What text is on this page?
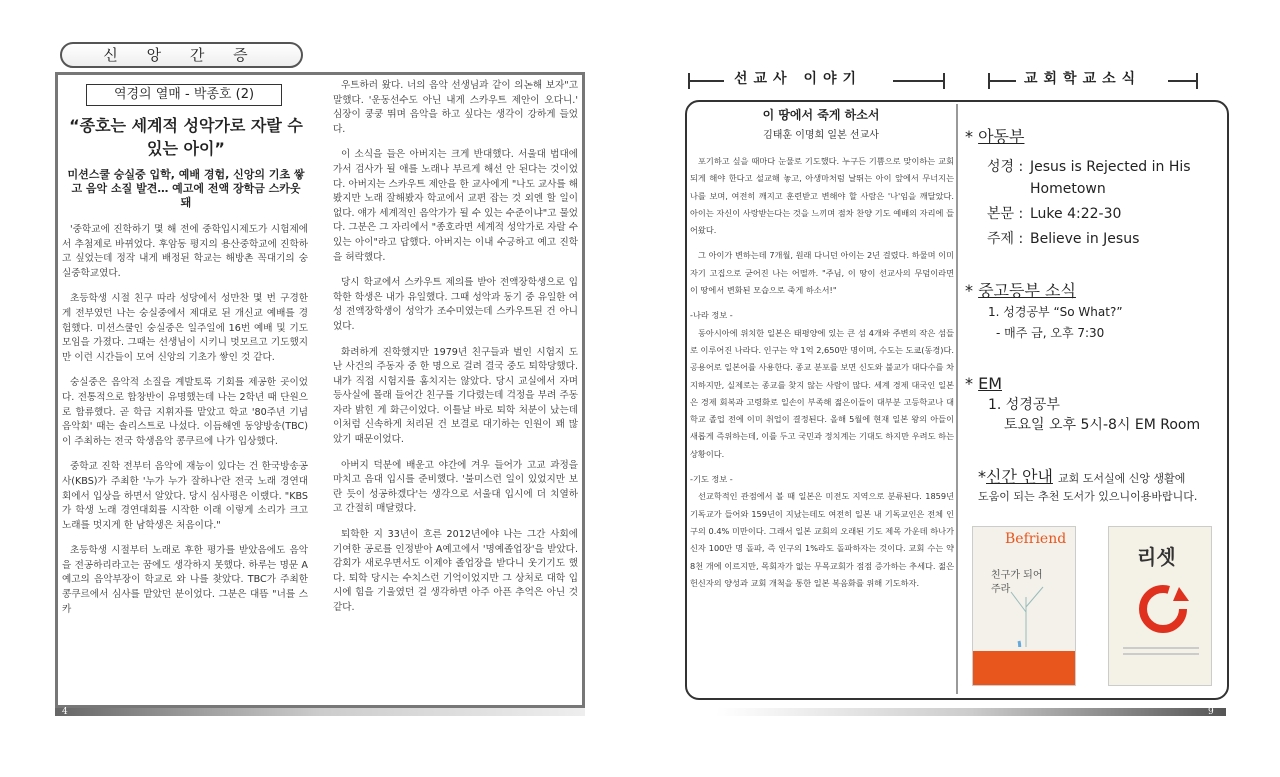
신 앙 간 증
역경의 열매 - 박종호 (2)
“종호는 세계적 성악가로 자랄 수 있는 아이”
미션스쿨 숭실중 입학, 예배 경험, 신앙의 기초 쌓고 음악 소질 발견… 예고에 전액 장학금 스카웃 돼

'중학교에 진학하기 몇 해 전에 중학입시제도가 시험제에서 추첨제로 바뀌었다. 후암동 평지의 용산중학교에 진학하고 싶었는데 정작 내게 배정된 학교는 해방촌 꼭대기의 숭실중학교였다.

초등학생 시절 친구 따라 성당에서 성만찬 몇 번 구경한 게 전부였던 나는 숭실중에서 제대로 된 개신교 예배를 경험했다. 미션스쿨인 숭실중은 일주일에 16번 예배 및 기도모임을 가졌다. 그때는 선생님이 시키니 멋모르고 기도했지만 이런 시간들이 모여 신앙의 기초가 쌓인 것 같다.

숭실중은 음악적 소질을 계발토록 기회를 제공한 곳이었다. 전통적으로 합창반이 유명했는데 나는 2학년 때 단원으로 합류했다. 곧 학급 지휘자를 맡았고 학교 '80주년 기념 음악회' 때는 솔리스트로 나섰다. 이듬해엔 동양방송(TBC)이 주최하는 전국 학생음악 콩쿠르에 나가 입상했다.

중학교 진학 전부터 음악에 재능이 있다는 건 한국방송공사(KBS)가 주최한 '누가 누가 잘하나'란 전국 노래 경연대회에서 입상을 하면서 알았다. 당시 심사평은 이랬다. "KBS가 학생 노래 경연대회를 시작한 이래 이렇게 소리가 크고 노래를 멋지게 한 남학생은 처음이다."

초등학생 시절부터 노래로 후한 평가를 받았음에도 음악을 전공하리라고는 꿈에도 생각하지 못했다. 하루는 명문 A예고의 음악부장이 학교로 와 나를 찾았다. TBC가 주최한 콩쿠르에서 심사를 맡았던 분이었다. 그분은 대뜸 "너를 스카

우트하러 왔다. 너의 음악 선생님과 같이 의논해 보자"고 말했다. '운동선수도 아닌 내게 스카우트 제안이 오다니.' 심장이 쿵쿵 뛰며 음악을 하고 싶다는 생각이 강하게 들었다.

이 소식을 들은 아버지는 크게 반대했다. 서울대 법대에 가서 검사가 될 애를 노래나 부르게 해선 안 된다는 것이었다. 아버지는 스카우트 제안을 한 교사에게 "나도 교사를 해봤지만 노래 잘해봤자 학교에서 교편 잡는 것 외엔 할 일이 없다. 얘가 세계적인 음악가가 될 수 있는 수준이냐"고 물었다. 그분은 그 자리에서 "종호라면 세계적 성악가로 자랄 수 있는 아이"라고 답했다. 아버지는 이내 수긍하고 예고 진학을 허락했다.

당시 학교에서 스카우트 제의를 받아 전액장학생으로 입학한 학생은 내가 유일했다. 그때 성악과 동기 중 유일한 여성 전액장학생이 성악가 조수미였는데 스카우트된 건 아니었다.

화려하게 진학했지만 1979년 친구들과 벌인 시험지 도난 사건의 주동자 중 한 명으로 걸려 결국 중도 퇴학당했다. 내가 직접 시험지를 훔치지는 않았다. 당시 교실에서 자며 등사실에 몰래 들어간 친구를 기다렸는데 걱정을 부려 주동자라 밝힌 게 화근이었다. 이틀날 바로 퇴학 처분이 났는데 이처럼 신속하게 처리된 건 보결로 대기하는 인원이 꽤 많았기 때문이었다.

아버지 덕분에 배운고 야간에 겨우 들어가 고교 과정을 마치고 음대 입시를 준비했다. '불미스런 일이 있었지만 보란 듯이 성공하겠다'는 생각으로 서울대 입시에 더 치열하고 간절히 매달렸다.

퇴학한 지 33년이 흐른 2012년에야 나는 그간 사회에 기여한 공로를 인정받아 A예고에서 '명예졸업장'을 받았다. 감회가 새로우면서도 이제야 졸업장을 받다니 웃기기도 했다. 퇴학 당시는 수치스런 기억이었지만 그 상처로 대학 입시에 힘을 기울였던 걸 생각하면 아주 아픈 추억은 아닌 것 같다.

4
선교사 이야기	교회학교소식
이 땅에서 죽게 하소서
김태훈 이명희 일본 선교사

포기하고 싶을 때마다 눈물로 기도했다. 누구든 기쁨으로 맞이하는 교회 되게 해야 한다고 설교해 놓고, 아생마처럼 날뛰는 아이 앞에서 무너지는 나를 보며, 여전히 깨지고 훈련받고 변해야 할 사람은 '나'임을 깨달았다. 아이는 자신이 사랑받는다는 것을 느끼며 점차 찬양 기도 예배의 자리에 들어왔다.

그 아이가 변하는데 7개월, 원래 다니던 아이는 2년 걸렸다. 하물며 이미 자기 고집으로 굳어진 나는 어떨까. "주님, 이 땅이 선교사의 무덤이라면 이 땅에서 변화된 모습으로 죽게 하소서!"

-나라 정보 -

동아시아에 위치한 일본은 태평양에 있는 큰 섬 4개와 주변의 작은 섬들로 이루어진 나라다. 인구는 약 1억 2,650만 명이며, 수도는 도쿄(동경)다. 공용어로 일본어를 사용한다. 종교 분포를 보면 신도와 불교가 대다수를 차지하지만, 실제로는 종교를 찾지 않는 사람이 많다. 세계 경제 대국인 일본은 경제 회복과 고령화로 일손이 부족해 젊은이들이 대부분 고등학교나 대학교 졸업 전에 이미 취업이 결정된다. 올해 5월에 현재 일본 왕의 아들이 새롭게 즉위하는데, 이를 두고 국민과 정치계는 기대도 하지만 우려도 하는 상황이다.

-기도 정보 -

선교학적인 관점에서 볼 때 일본은 미전도 지역으로 분류된다. 1859년 기독교가 들어와 159년이 지났는데도 여전히 일본 내 기독교인은 전체 인구의 0.4% 미만이다. 그래서 일본 교회의 오래된 기도 제목 가운데 하나가 신자 100만 명 돌파, 즉 인구의 1%라도 돌파하자는 것이다. 교회 수는 약 8천 개에 이르지만, 목회자가 없는 무목교회가 점점 증가하는 추세다. 젊은 헌신자의 양성과 교회 개척을 통한 일본 복음화를 위해 기도하자.

* 아동부
성경 : Jesus is Rejected in His Hometown
본문 : Luke 4:22-30
주제 : Believe in Jesus
* 중고등부 소식
1. 성경공부 “So What?”
- 매주 금, 오후 7:30
* EM
1. 성경공부
토요일 오후 5시-8시 EM Room
*신간 안내 교회 도서실에 신앙 생활에
도움이 되는 추천 도서가 있으니이용바랍니다.
Befriend
친구가 되어 주라
리셋
9
